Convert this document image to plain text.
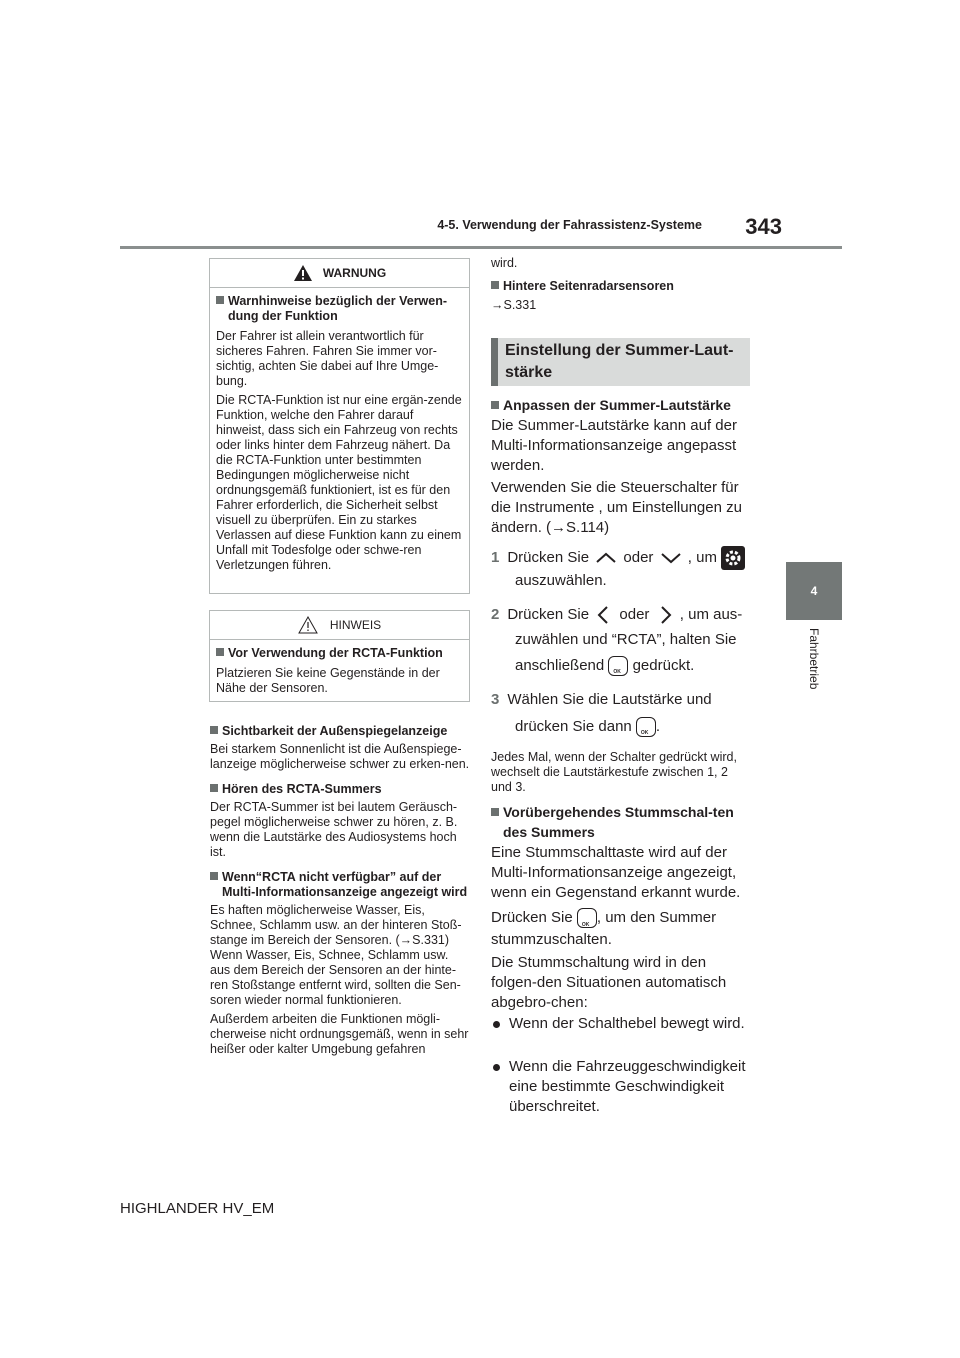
4-5. Verwendung der Fahrassistenz-Systeme	343
4
Fahrbetrieb
WARNUNG
Warnhinweise bezüglich der Verwen-dung der Funktion

Der Fahrer ist allein verantwortlich für sicheres Fahren. Fahren Sie immer vor-sichtig, achten Sie dabei auf Ihre Umge-bung.

Die RCTA-Funktion ist nur eine ergän-zende Funktion, welche den Fahrer darauf hinweist, dass sich ein Fahrzeug von rechts oder links hinter dem Fahrzeug nähert. Da die RCTA-Funktion unter bestimmten Bedingungen möglicherweise nicht ordnungsgemäß funktioniert, ist es für den Fahrer erforderlich, die Sicherheit selbst visuell zu überprüfen. Ein zu starkes Verlassen auf diese Funktion kann zu einem Unfall mit Todesfolge oder schwe-ren Verletzungen führen.

HINWEIS
Vor Verwendung der RCTA-Funktion

Platzieren Sie keine Gegenstände in der Nähe der Sensoren.

Sichtbarkeit der Außenspiegelanzeige

Bei starkem Sonnenlicht ist die Außenspiege-lanzeige möglicherweise schwer zu erken-nen.

Hören des RCTA-Summers

Der RCTA-Summer ist bei lautem Geräusch-pegel möglicherweise schwer zu hören, z. B. wenn die Lautstärke des Audiosystems hoch ist.

Wenn“RCTA nicht verfügbar” auf der Multi-Informationsanzeige angezeigt wird

Es haften möglicherweise Wasser, Eis, Schnee, Schlamm usw. an der hinteren Stoß-stange im Bereich der Sensoren. (→S.331) Wenn Wasser, Eis, Schnee, Schlamm usw. aus dem Bereich der Sensoren an der hinte-ren Stoßstange entfernt wird, sollten die Sen-soren wieder normal funktionieren.

Außerdem arbeiten die Funktionen mögli-cherweise nicht ordnungsgemäß, wenn in sehr heißer oder kalter Umgebung gefahren

wird.
Hintere Seitenradarsensoren
→S.331
Einstellung der Summer-Laut-stärke
Anpassen der Summer-Lautstärke
Die Summer-Lautstärke kann auf der Multi-Informationsanzeige angepasst werden.
Verwenden Sie die Steuerschalter für die Instrumente , um Einstellungen zu ändern. (→S.114)
1 Drücken Sie oder , um
auszuwählen.
2 Drücken Sie oder , um aus-
zuwählen und “RCTA”, halten Sie
anschließend OK gedrückt.
3 Wählen Sie die Lautstärke und
drücken Sie dann OK .
Jedes Mal, wenn der Schalter gedrückt wird, wechselt die Lautstärkestufe zwischen 1, 2 und 3.
Vorübergehendes Stummschal-ten des Summers
Eine Stummschalttaste wird auf der Multi-Informationsanzeige angezeigt, wenn ein Gegenstand erkannt wurde.
Drücken Sie OK , um den Summer stummzuschalten.
Die Stummschaltung wird in den folgen-den Situationen automatisch abgebro-chen:
Wenn der Schalthebel bewegt wird.
Wenn die Fahrzeuggeschwindigkeit eine bestimmte Geschwindigkeit überschreitet.
HIGHLANDER HV_EM
